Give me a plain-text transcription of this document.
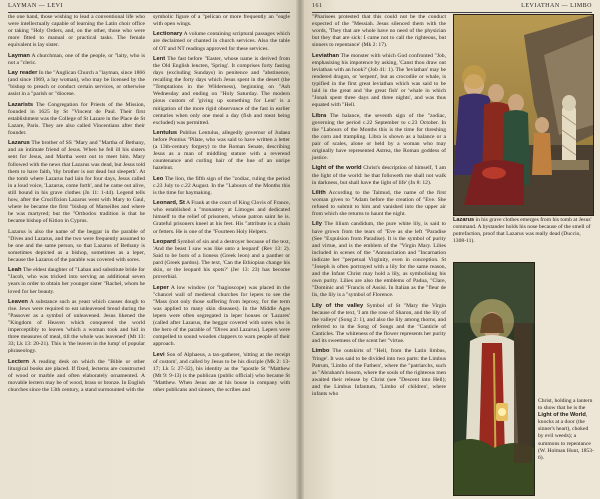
LAYMAN — LEVI

the one hand, those wishing to lead a conventional life who were intellectually capable of learning the Latin choir office or taking "Holy Orders, and, on the other, those who were more fitted to manual or practical tasks. The female equivalent is lay sister.

Layman A churchman, one of the people, or "laity, who is not a "cleric.

Lay reader In the "Anglican Church a "layman, since 1866 (and since 1969, a lay woman), who may be licensed by the "bishop to preach or conduct certain services, or otherwise assist in a "parish or "diocese.

Lazarists The Congregation for Priests of the Mission, founded in 1625 by St "Vincent de Paul. Their first establishment was the College of St Lazare in the Place de St Lazare, Paris. They are also called Vincentians after their founder.

Lazarus The brother of SS "Mary and "Martha of Bethany, and an intimate friend of Jesus. When he fell ill his sisters sent for Jesus, and Martha went out to meet him. Mary followed with the news that Lazarus was dead, but Jesus told them to have faith, 'thy brother is not dead but sleepeth'. At the tomb where Lazarus had lain for four days, Jesus called in a loud voice, 'Lazarus, come forth', and he came out alive, still bound in his grave clothes (Jn 11: 1-44). Legend tells how, after the Crucifixion Lazarus went with Mary to Gaul, where he became the first "bishop of Marseilles and where he was martyred; but the "Orthodox tradition is that he became bishop of Kition in Cyprus.

Lazarus is also the name of the beggar in the parable of "Dives and Lazarus, and the two were frequently assumed to be one and the same person, so that Lazarus of Bethany is sometimes depicted as a bishop, sometimes as a leper, because the Lazarus of the parable was covered with sores.

Leah The eldest daughter of "Laban and substitute bride for "Jacob, who was tricked into serving an additional seven years in order to obtain her younger sister "Rachel, whom he loved for her beauty.

Leaven A substance such as yeast which causes dough to rise. Jews were required to eat unleavened bread during the "Passover as a symbol of unleavened. Jesus likened the "Kingdom of Heaven which conquered the world imperceptibly to leaven 'which a woman took and hid in three measures of meal, till the whole was leavened' (Mt 13: 33; Lk 13: 20-21). This is 'the leaven in the lump' of popular phraseology.

Lectern A reading desk on which the "Bible or other liturgical books are placed. If fixed, lecterns are constructed of wood or marble and often elaborately ornamented. A movable lectern may be of wood, brass or bronze. In English churches since the 13th century, a stand surmounted with the

symbolic figure of a "pelican or more frequently an "eagle with open wings.

Lectionary A volume containing scriptural passages which are declaimed or chanted in church services. Also the table of OT and NT readings approved for these services.

Lent The fast before "Easter, whose name is derived from the Old English lencten, 'Spring'. It comprises forty fasting days (excluding Sundays) in penitence and "abstinence, recalling the forty days which Jesus spent in the desert (the "Temptations in the Wilderness), beginning on "Ash Wednesday and ending on "Holy Saturday. The modern pious custom of 'giving up something for Lent' is a mitigation of the more rigid observance of the fast in earlier centuries when only one meal a day (fish and meat being excluded) was permitted.

Lentulus Publius Lentulus, allegedly governor of Judaea before Pontius "Pilate, who was said to have written a letter (a 13th-century forgery) to the Roman Senate, describing Jesus as a man of middling stature with a reverend countenance and curling hair of the hue of an unripe hazelnut.

Leo The lion, the fifth sign of the "zodiac, ruling the period c.23 July to c.22 August. In the "Labours of the Months this is the time for haymaking.

Leonard, St A Frank at the court of King Clovis of France, who established a "monastery at Limoges and dedicated himself to the relief of prisoners, whose patron saint he is. Grateful prisoners kneel at his feet. His "attribute is a chain or fetters. He is one of the "Fourteen Holy Helpers.

Leopard Symbol of sin and a destroyer because of the text, 'And the beast I saw was like unto a leopard' (Rev 13: 2). Said to be born of a lioness (Greek leon) and a panther or pard (Greek pardos). The text, 'Can the Ethiopian change his skin, or the leopard his spots?' (Jer 13: 23) has become proverbial.

Leper A low window (or "hagioscope) was placed in the "chancel wall of medieval churches for lepers to see the "Mass (not only those suffering from leprosy, for the term was applied to many skin diseases). In the Middle Ages lepers were often segregated in leper houses or 'Lazares' (called after Lazarus, the beggar covered with sores who is the hero of the parable of "Dives and Lazarus). Lepers were compelled to sound wooden clappers to warn people of their approach.

Levi Son of Alphaeus, a tax-gatherer, 'sitting at the receipt of custom', and called by Jesus to be his disciple (Mk 2: 13-17; Lk 5: 27-32), his identity as the "apostle St "Matthew (Mt 9: 9-13) is the publican (public official) who became St "Matthew. When Jesus ate at his house in company with other publicans and sinners, the scribes and

161	LEVIATHAN — LIMBO

"Pharisees protested that this could not be the conduct expected of the "Messiah. Jesus silenced them with the words, 'They that are whole have no need of the physician but they that are sick: I came not to call the righteous, but sinners to repentance' (Mk 2: 17).

Leviathan The monster with which God confronted "Job, emphasising his impotence by asking, 'Canst thou draw out leviathan with an hook?' (Job 41: 1). The 'leviathan' may be rendered dragon, or 'serpent', but as crocodile or whale, is typified in the first great leviathan which was said to be laid in the great and 'the great fish' or 'whale in which "Jonah spent three days and three nights', and was thus equated with "Hell.

Libra The balance, the seventh sign of the "zodiac, governing the period c.22 September to c.23 October. In the "Labours of the Months this is the time for threshing the corn and trampling. Libra is shown as a balance or a pair of scales, alone or held by a woman who may originally have represented Astrea, the Roman goddess of justice.

Light of the world Christ's description of himself, 'I am the light of the world: he that followeth me shall not walk in darkness, but shall have the light of life' (Jn 8: 12).

Lilith According to the Talmud, the name of the first woman given to "Adam before the creation of "Eve. She refused to submit to him and vanished into the upper air from which she returns to haunt the night.

Lily The lilium candidum, the pure white lily, is said to have grown from the tears of "Eve as she left "Paradise (See "Expulsion from Paradise). It is the symbol of purity and virtue, and is the emblem of the "Virgin Mary. Lilies included in scenes of the "Annunciation and "Incarnation indicate her "perpetual Virginity, even in conception. St "Joseph is often portrayed with a lily for the same reason, and the Infant Christ may hold a lily, as symbolising his own purity. Lilies are also the emblems of Padua, "Clare, "Dominic and "Francis of Assisi. In Italian as the "fleur de lis, the lily is a "symbol of Florence.

Lily of the valley Symbol of St "Mary the Virgin because of the text, 'I am the rose of Sharon, and the lily of the valleys' (Song 2: 1), and also the lily among thorns, and referred to in the Song of Songs and the "Canticle of Canticles. The whiteness of the flower represents her purity and its sweetness of the scent her "virtue.

Limbo The outskirts of "Hell, from the Latin limbus, 'fringe'. It was said to be divided into two parts: the Limbus Patrum, 'Limbo of the Fathers', where the "patriarchs, such as "Abraham's bosom, where the souls of the righteous men awaited their release by Christ (see "Descent into Hell); and the Limbus Infantum, 'Limbo of children', where infants who

Lazarus in his grave clothes emerges from his tomb at Jesus' command. A bystander holds his nose because of the smell of putrefaction, proof that Lazarus was really dead (Duccio, 1308-11).
Christ, holding a lantern to show that he is the Light of the World, knocks at a door (the sinner's heart), choked by evil weeds); a summons to repentance (W. Holman Hunt, 1853-6).
